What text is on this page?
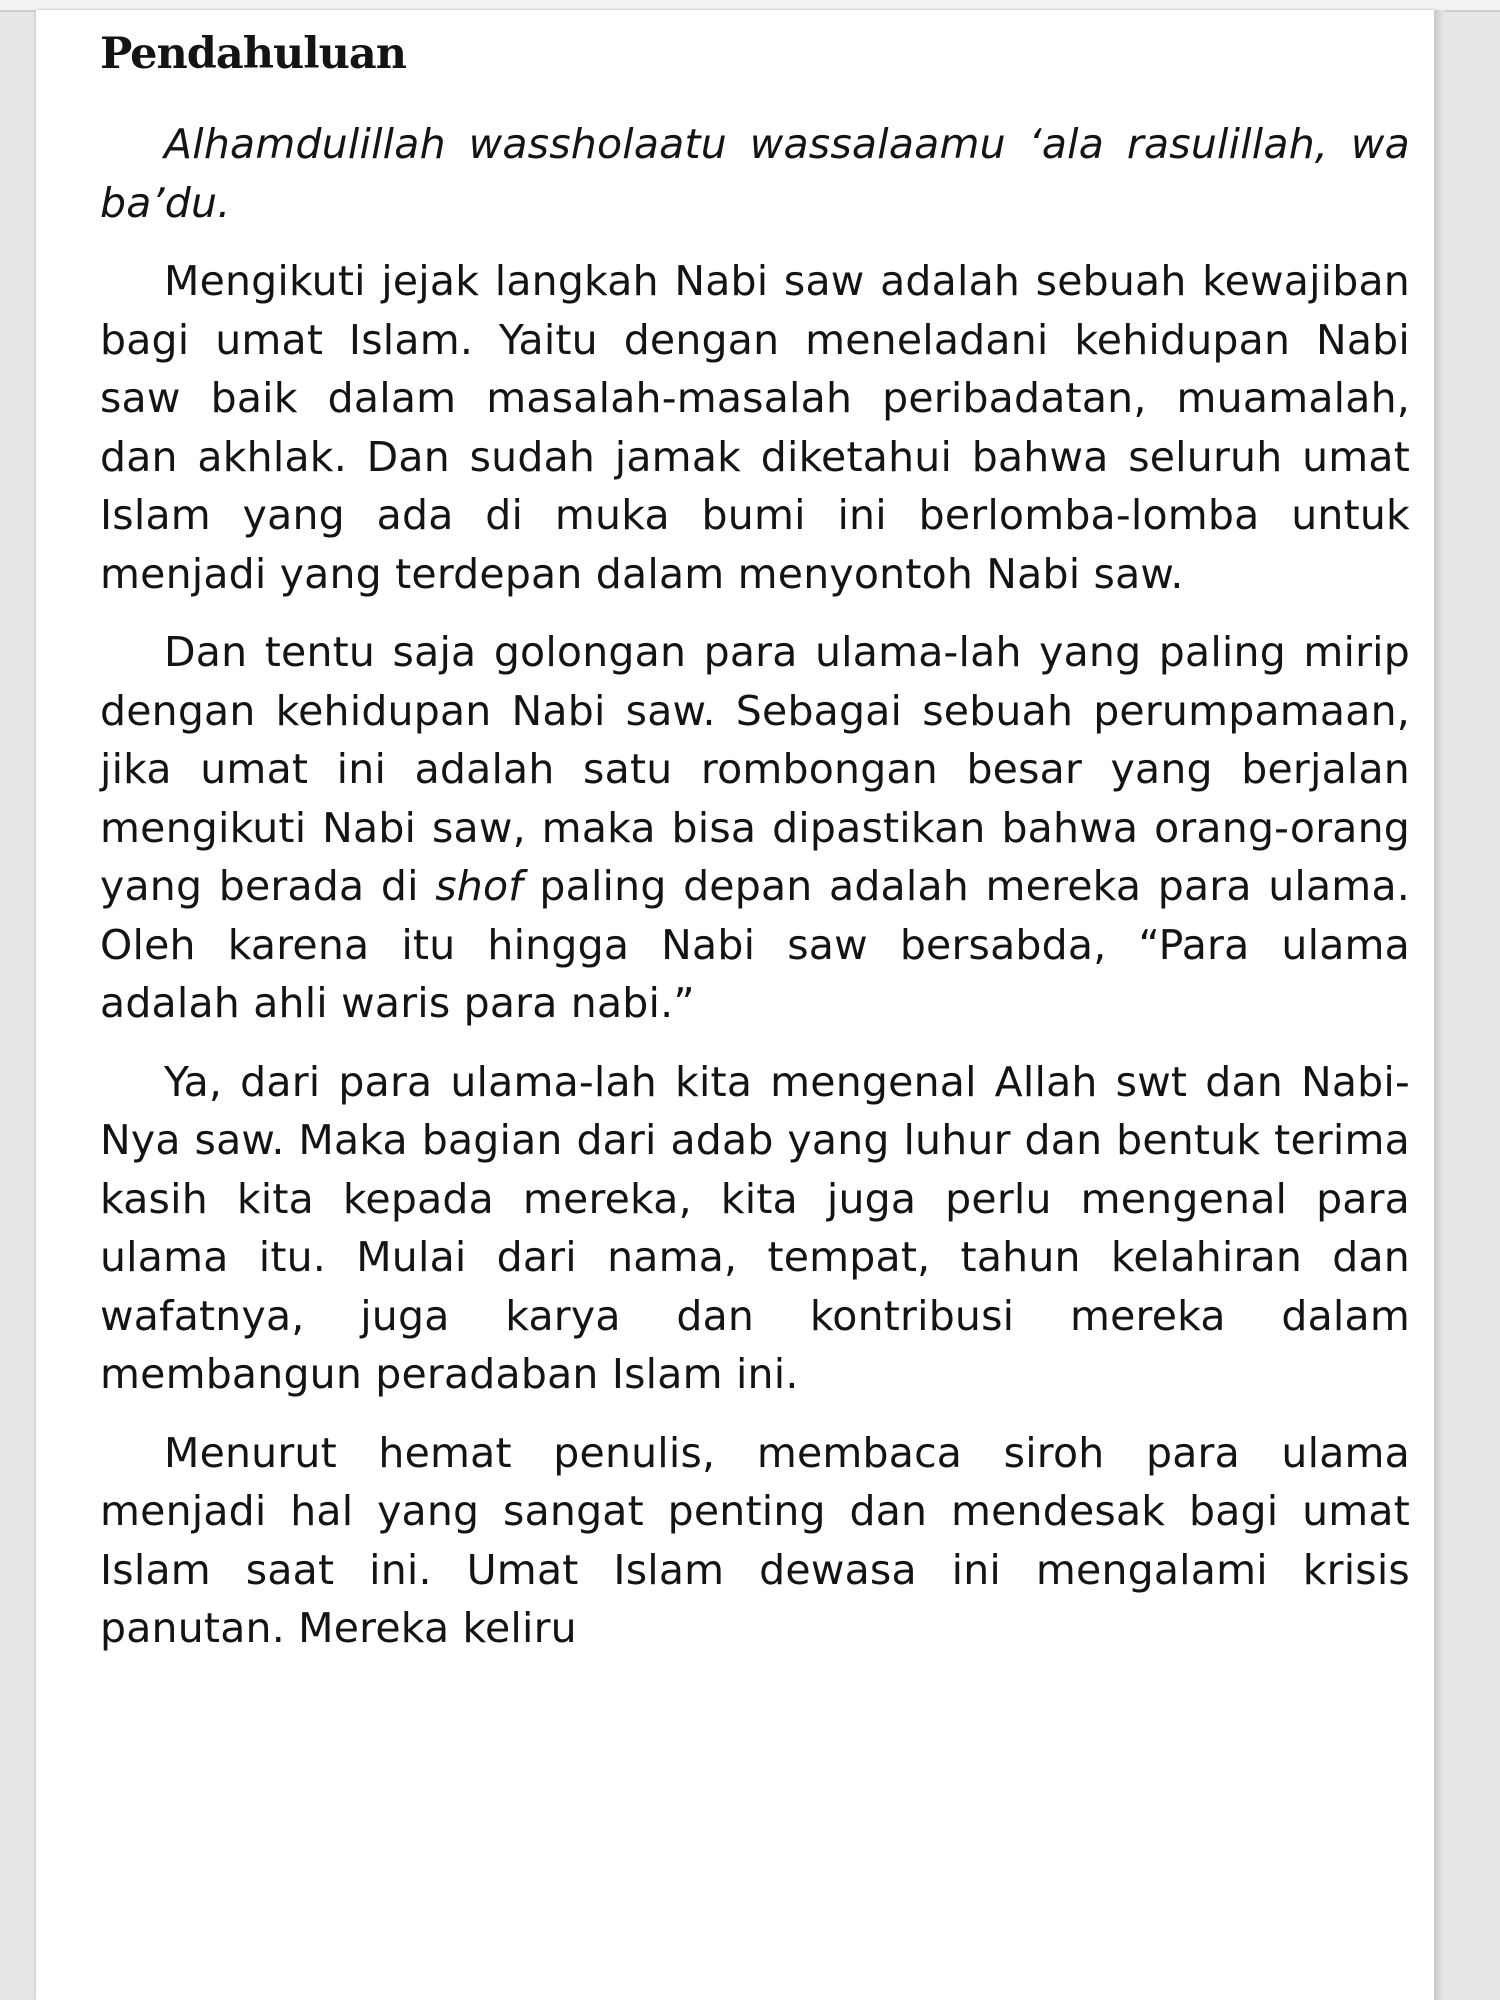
Pendahuluan

Alhamdulillah wassholaatu wassalaamu ‘ala rasulillah, wa ba’du.

Mengikuti jejak langkah Nabi saw adalah sebuah kewajiban bagi umat Islam. Yaitu dengan meneladani kehidupan Nabi saw baik dalam masalah-masalah peribadatan, muamalah, dan akhlak. Dan sudah jamak diketahui bahwa seluruh umat Islam yang ada di muka bumi ini berlomba-lomba untuk menjadi yang terdepan dalam menyontoh Nabi saw.

Dan tentu saja golongan para ulama-lah yang paling mirip dengan kehidupan Nabi saw. Sebagai sebuah perumpamaan, jika umat ini adalah satu rombongan besar yang berjalan mengikuti Nabi saw, maka bisa dipastikan bahwa orang-orang yang berada di shof paling depan adalah mereka para ulama. Oleh karena itu hingga Nabi saw bersabda, “Para ulama adalah ahli waris para nabi.”

Ya, dari para ulama-lah kita mengenal Allah swt dan Nabi-Nya saw. Maka bagian dari adab yang luhur dan bentuk terima kasih kita kepada mereka, kita juga perlu mengenal para ulama itu. Mulai dari nama, tempat, tahun kelahiran dan wafatnya, juga karya dan kontribusi mereka dalam membangun peradaban Islam ini.

Menurut hemat penulis, membaca siroh para ulama menjadi hal yang sangat penting dan mendesak bagi umat Islam saat ini. Umat Islam dewasa ini mengalami krisis panutan. Mereka keliru
